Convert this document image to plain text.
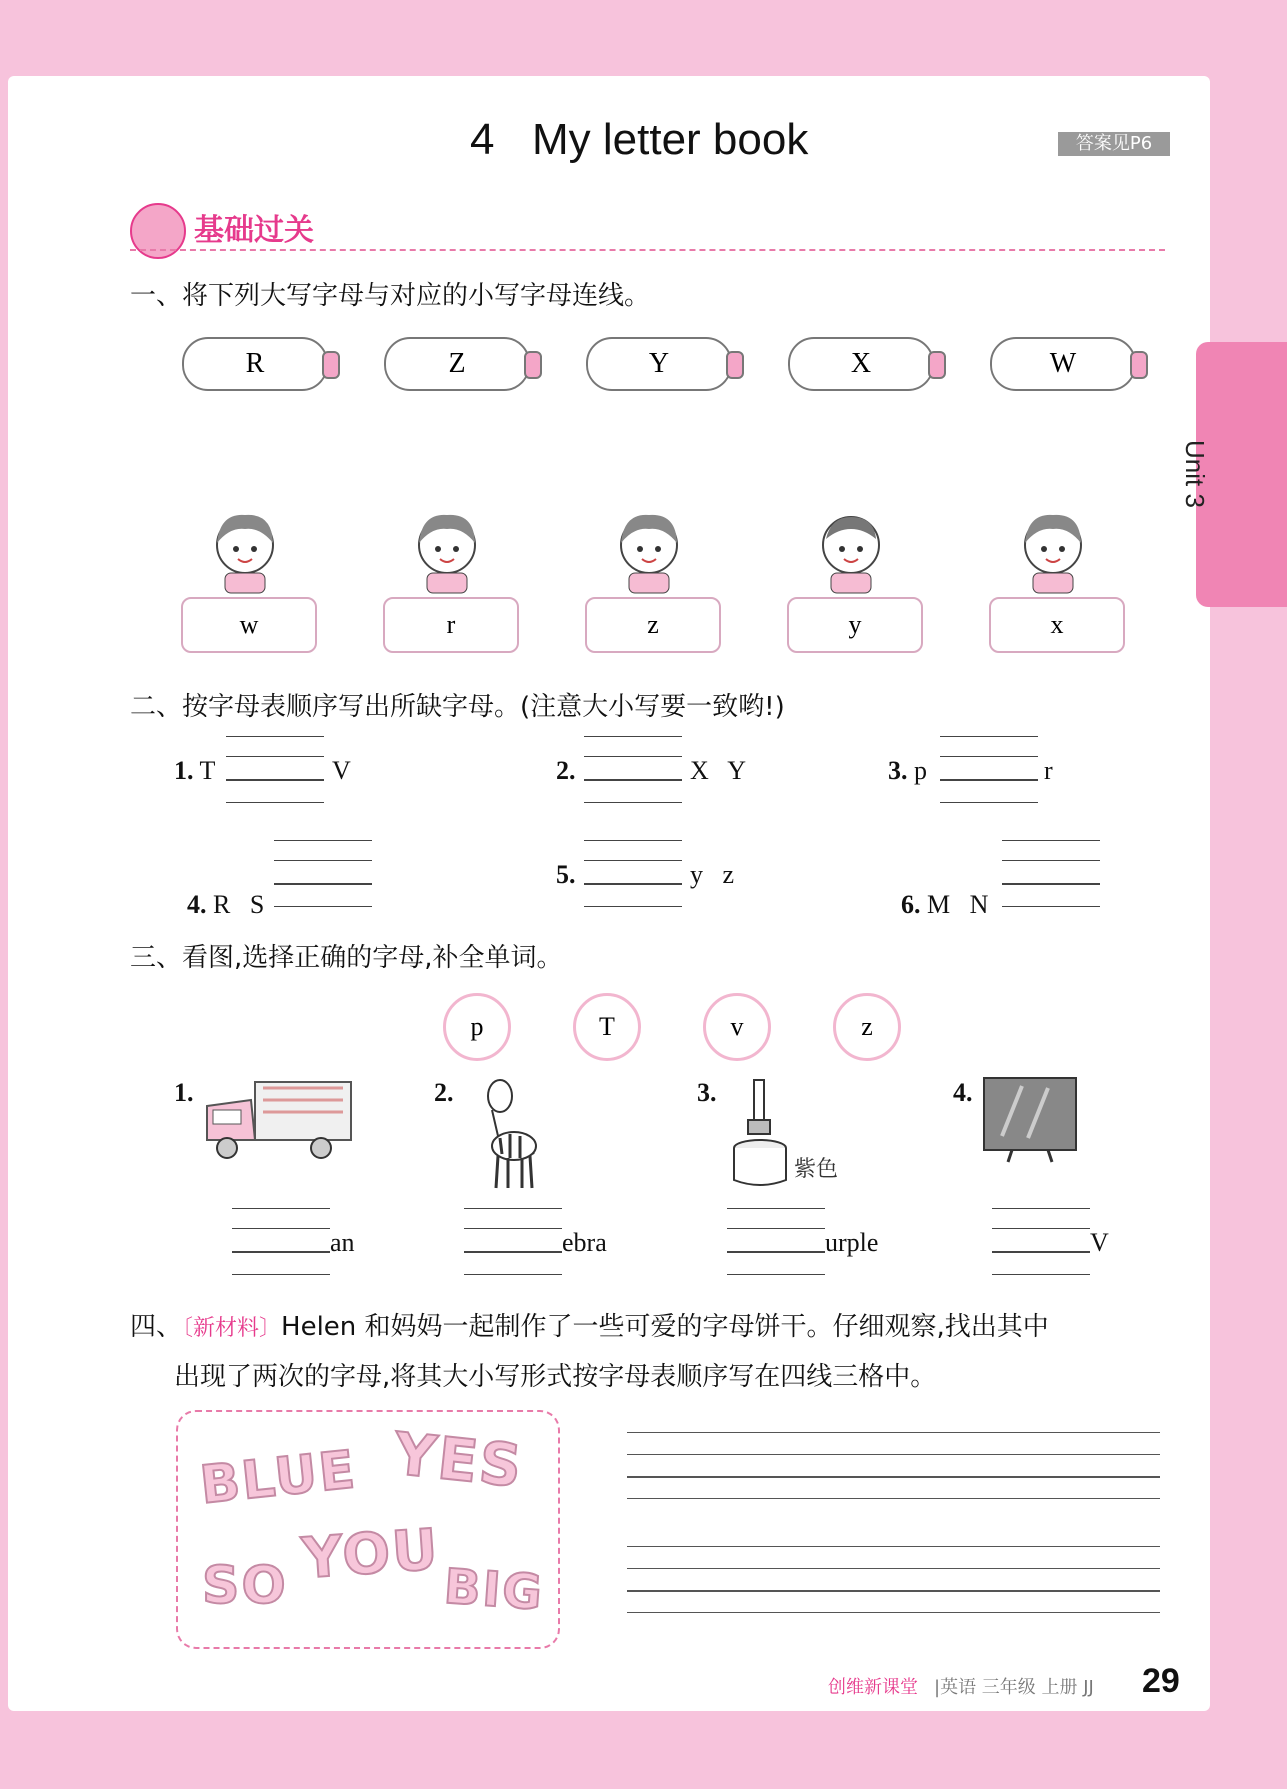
Unit 3
4 My letter book	答案见P6
基础过关
一、将下列大写字母与对应的小写字母连线。
R	Z	Y	X	W
w	r	z	y	x
二、按字母表顺序写出所缺字母。(注意大小写要一致哟!)
1. T	V	2.	X   Y	3. p	r

4. R   S

5.	y   z

6. M   N

三、看图,选择正确的字母,补全单词。
p	T	v	z
1.
an
2.
ebra
3.
紫色
urple
4.
V
四、〔新材料〕Helen 和妈妈一起制作了一些可爱的字母饼干。仔细观察,找出其中
出现了两次的字母,将其大小写形式按字母表顺序写在四线三格中。
BLUE YES
SO YOU BIG
创维新课堂 |英语 三年级 上册 JJ 29
